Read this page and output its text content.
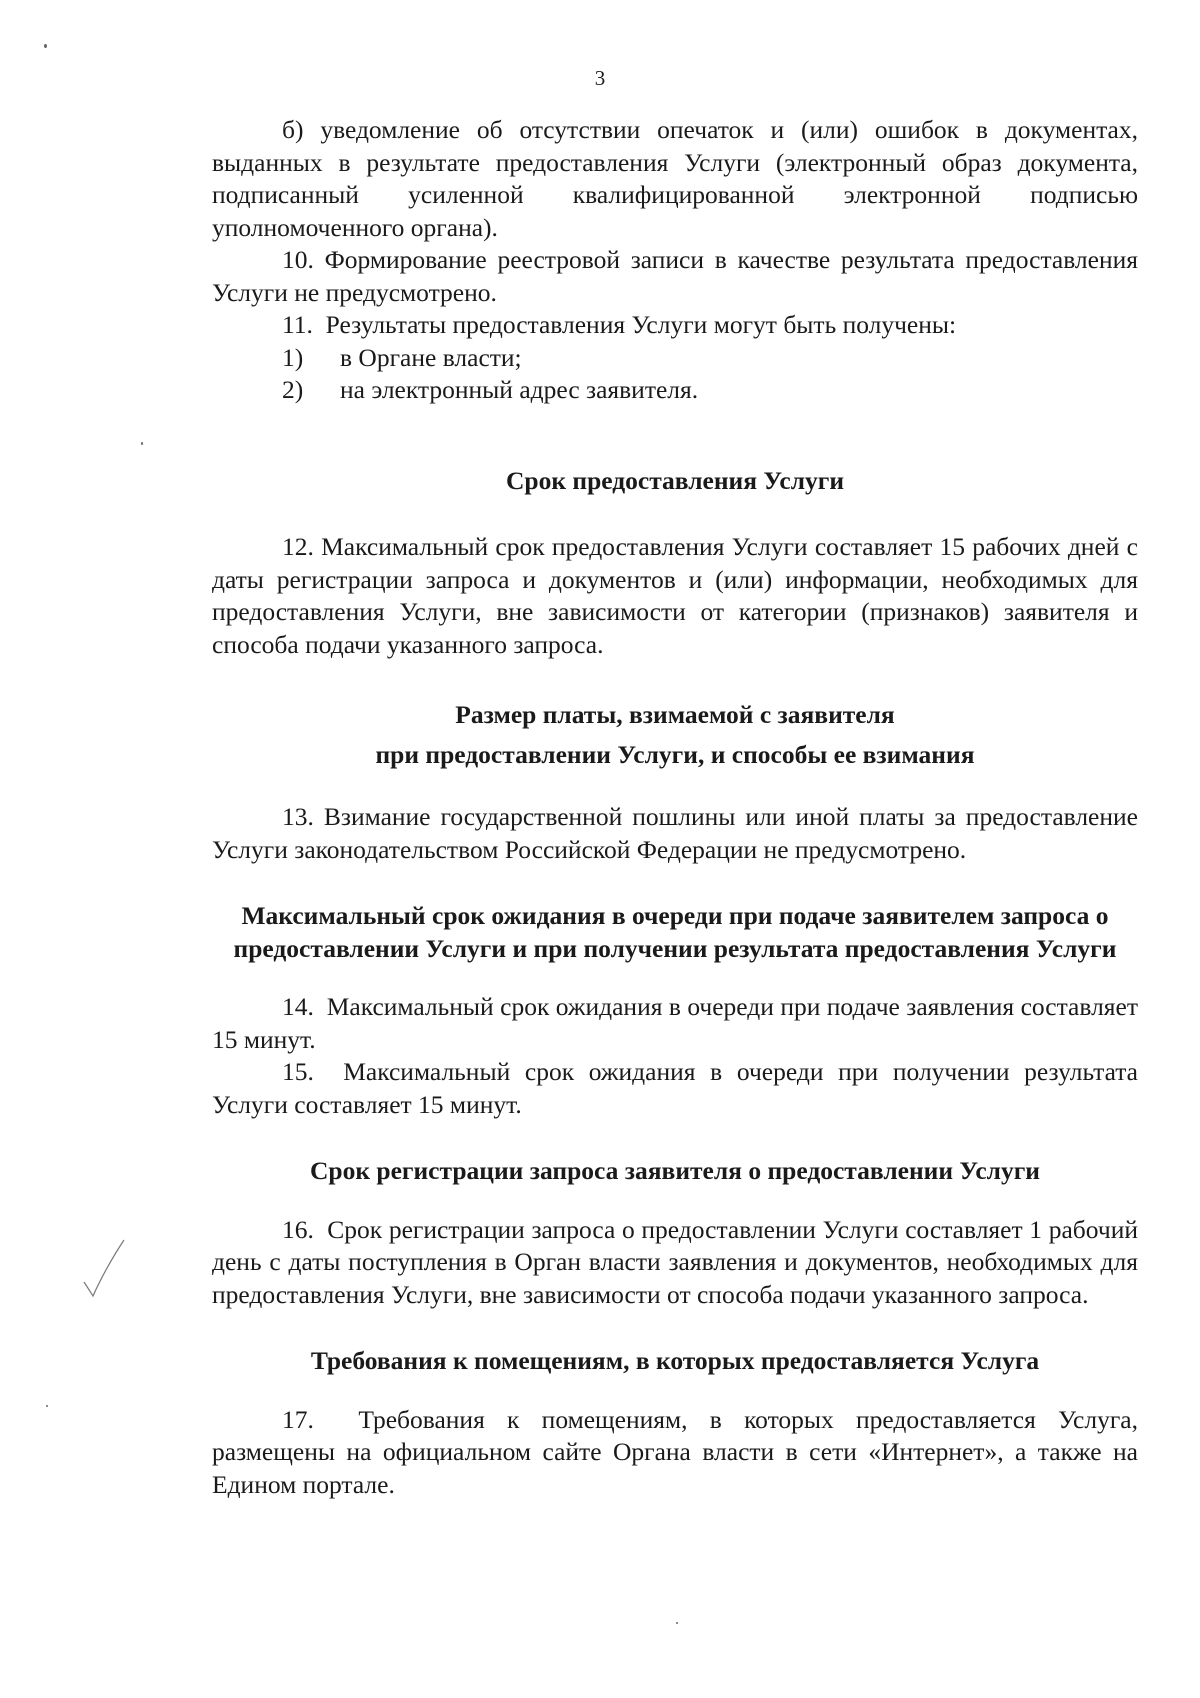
3

б) уведомление об отсутствии опечаток и (или) ошибок в документах, выданных в результате предоставления Услуги (электронный образ документа, подписанный усиленной квалифицированной электронной подписью уполномоченного органа).

10. Формирование реестровой записи в качестве результата предоставления Услуги не предусмотрено.

11.  Результаты предоставления Услуги могут быть получены:

1)	в Органе власти;
2)	на электронный адрес заявителя.

Срок предоставления Услуги

12. Максимальный срок предоставления Услуги составляет 15 рабочих дней с даты регистрации запроса и документов и (или) информации, необходимых для предоставления Услуги, вне зависимости от категории (признаков) заявителя и способа подачи указанного запроса.

Размер платы, взимаемой с заявителя

при предоставлении Услуги, и способы ее взимания

13. Взимание государственной пошлины или иной платы за предоставление Услуги законодательством Российской Федерации не предусмотрено.

Максимальный срок ожидания в очереди при подаче заявителем запроса о предоставлении Услуги и при получении результата предоставления Услуги

14.  Максимальный срок ожидания в очереди при подаче заявления составляет 15 минут.

15.  Максимальный срок ожидания в очереди при получении результата Услуги составляет 15 минут.

Срок регистрации запроса заявителя о предоставлении Услуги

16.  Срок регистрации запроса о предоставлении Услуги составляет 1 рабочий день с даты поступления в Орган власти заявления и документов, необходимых для предоставления Услуги, вне зависимости от способа подачи указанного запроса.

Требования к помещениям, в которых предоставляется Услуга

17.  Требования к помещениям, в которых предоставляется Услуга, размещены на официальном сайте Органа власти в сети «Интернет», а также на Едином портале.
